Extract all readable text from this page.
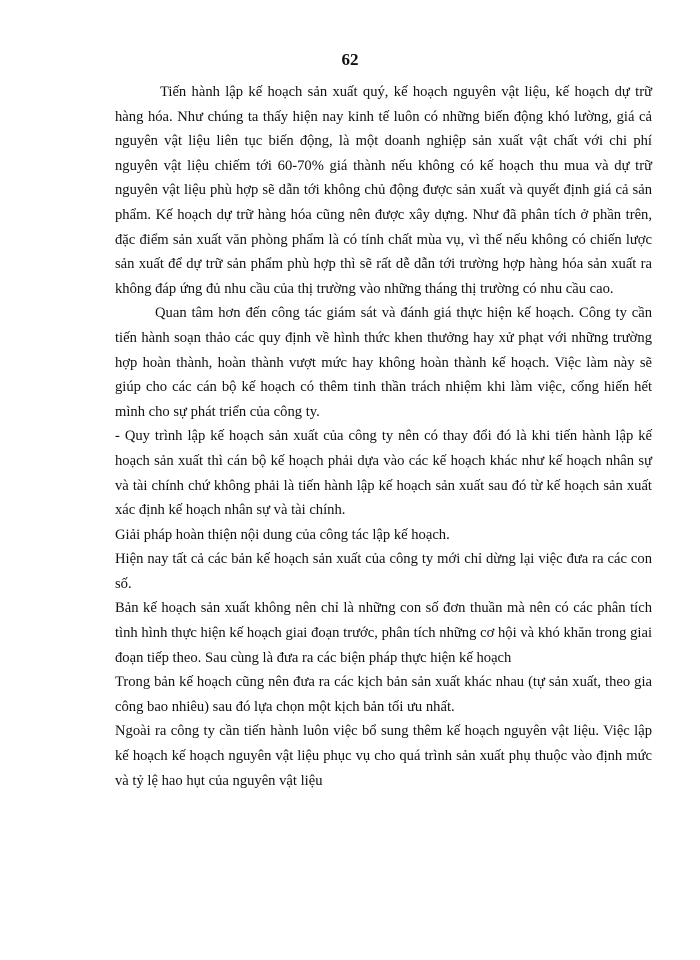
62

Tiến hành lập kế hoạch sản xuất quý, kế hoạch nguyên vật liệu, kế hoạch dự trữ hàng hóa. Như chúng ta thấy hiện nay kinh tế luôn có những biến động khó lường, giá cả nguyên vật liệu liên tục biến động, là một doanh nghiệp sản xuất vật chất với chi phí nguyên vật liệu chiếm tới 60-70% giá thành nếu không có kế hoạch thu mua và dự trữ nguyên vật liệu phù hợp sẽ dẫn tới không chủ động được sản xuất và quyết định giá cả sản phẩm. Kế hoạch dự trữ hàng hóa cũng nên được xây dựng. Như đã phân tích ở phần trên, đặc điểm sản xuất văn phòng phẩm là có tính chất mùa vụ, vì thế nếu không có chiến lược sản xuất để dự trữ sản phẩm phù hợp thì sẽ rất dễ dẫn tới trường hợp hàng hóa sản xuất ra không đáp ứng đủ nhu cầu của thị trường vào những tháng thị trường có nhu cầu cao.

Quan tâm hơn đến công tác giám sát và đánh giá thực hiện kế hoạch. Công ty cần tiến hành soạn thảo các quy định về hình thức khen thưởng hay xử phạt với những trường hợp hoàn thành, hoàn thành vượt mức hay không hoàn thành kế hoạch. Việc làm này sẽ giúp cho các cán bộ kế hoạch có thêm tinh thần trách nhiệm khi làm việc, cống hiến hết mình cho sự phát triển của công ty.

- Quy trình lập kế hoạch sản xuất của công ty nên có thay đổi đó là khi tiến hành lập kế hoạch sản xuất thì cán bộ kế hoạch phải dựa vào các kế hoạch khác như kế hoạch nhân sự và tài chính chứ không phải là tiến hành lập kế hoạch sản xuất sau đó từ kế hoạch sản xuất xác định kế hoạch nhân sự và tài chính.

Giải pháp hoàn thiện nội dung của công tác lập kế hoạch.

Hiện nay tất cả các bản kế hoạch sản xuất của công ty mới chỉ dừng lại việc đưa ra các con số.

Bản kế hoạch sản xuất không nên chỉ là những con số đơn thuần mà nên có các phân tích tình hình thực hiện kế hoạch giai đoạn trước, phân tích những cơ hội và khó khăn trong giai đoạn tiếp theo. Sau cùng là đưa ra các biện pháp thực hiện kế hoạch

Trong bản kế hoạch cũng nên đưa ra các kịch bản sản xuất khác nhau (tự sản xuất, theo gia công bao nhiêu) sau đó lựa chọn một kịch bản tối ưu nhất.

Ngoài ra công ty cần tiến hành luôn việc bổ sung thêm kế hoạch nguyên vật liệu. Việc lập kế hoạch kế hoạch nguyên vật liệu phục vụ cho quá trình sản xuất phụ thuộc vào định mức và tỷ lệ hao hụt của nguyên vật liệu
